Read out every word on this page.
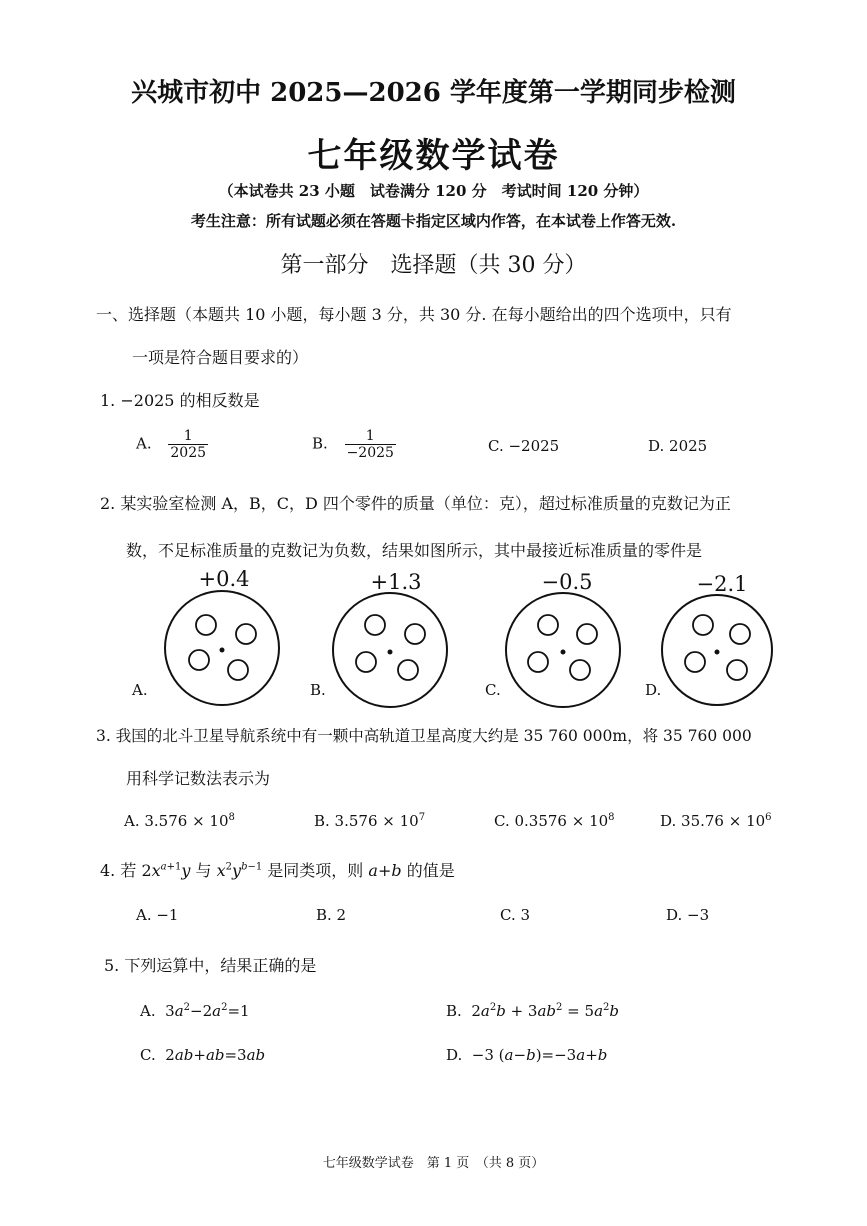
兴城市初中 2025—2026 学年度第一学期同步检测
七年级数学试卷
（本试卷共 23 小题　试卷满分 120 分　考试时间 120 分钟）
考生注意：所有试题必须在答题卡指定区域内作答，在本试卷上作答无效.
第一部分　选择题（共 30 分）
一、选择题（本题共 10 小题，每小题 3 分，共 30 分. 在每小题给出的四个选项中，只有
一项是符合题目要求的）
1. −2025 的相反数是
A. $\frac{1}{2025}$	B. $\frac{1}{-2025}$	C. −2025	D. 2025
2. 某实验室检测 A，B，C，D 四个零件的质量（单位：克），超过标准质量的克数记为正
数，不足标准质量的克数记为负数，结果如图所示，其中最接近标准质量的零件是
+0.4	+1.3	−0.5	−2.1
A.	B.	C.	D.
3. 我国的北斗卫星导航系统中有一颗中高轨道卫星高度大约是 35 760 000m，将 35 760 000
用科学记数法表示为
A. $3.576 \times 10^8$	B. $3.576 \times 10^7$	C. $0.3576 \times 10^8$	D. $35.76 \times 10^6$
4. 若 $2x^{a+1}y$ 与 $x^2y^{b-1}$ 是同类项，则 a+b 的值是
A. −1	B. 2	C. 3	D. −3
5. 下列运算中，结果正确的是
A.  $3a^2-2a^2=1$	B.  $2a^2b + 3ab^2 = 5a^2b$
C.  2ab+ab=3ab	D.  −3 (a−b)=−3a+b
七年级数学试卷　第 1 页　（共 8 页）
